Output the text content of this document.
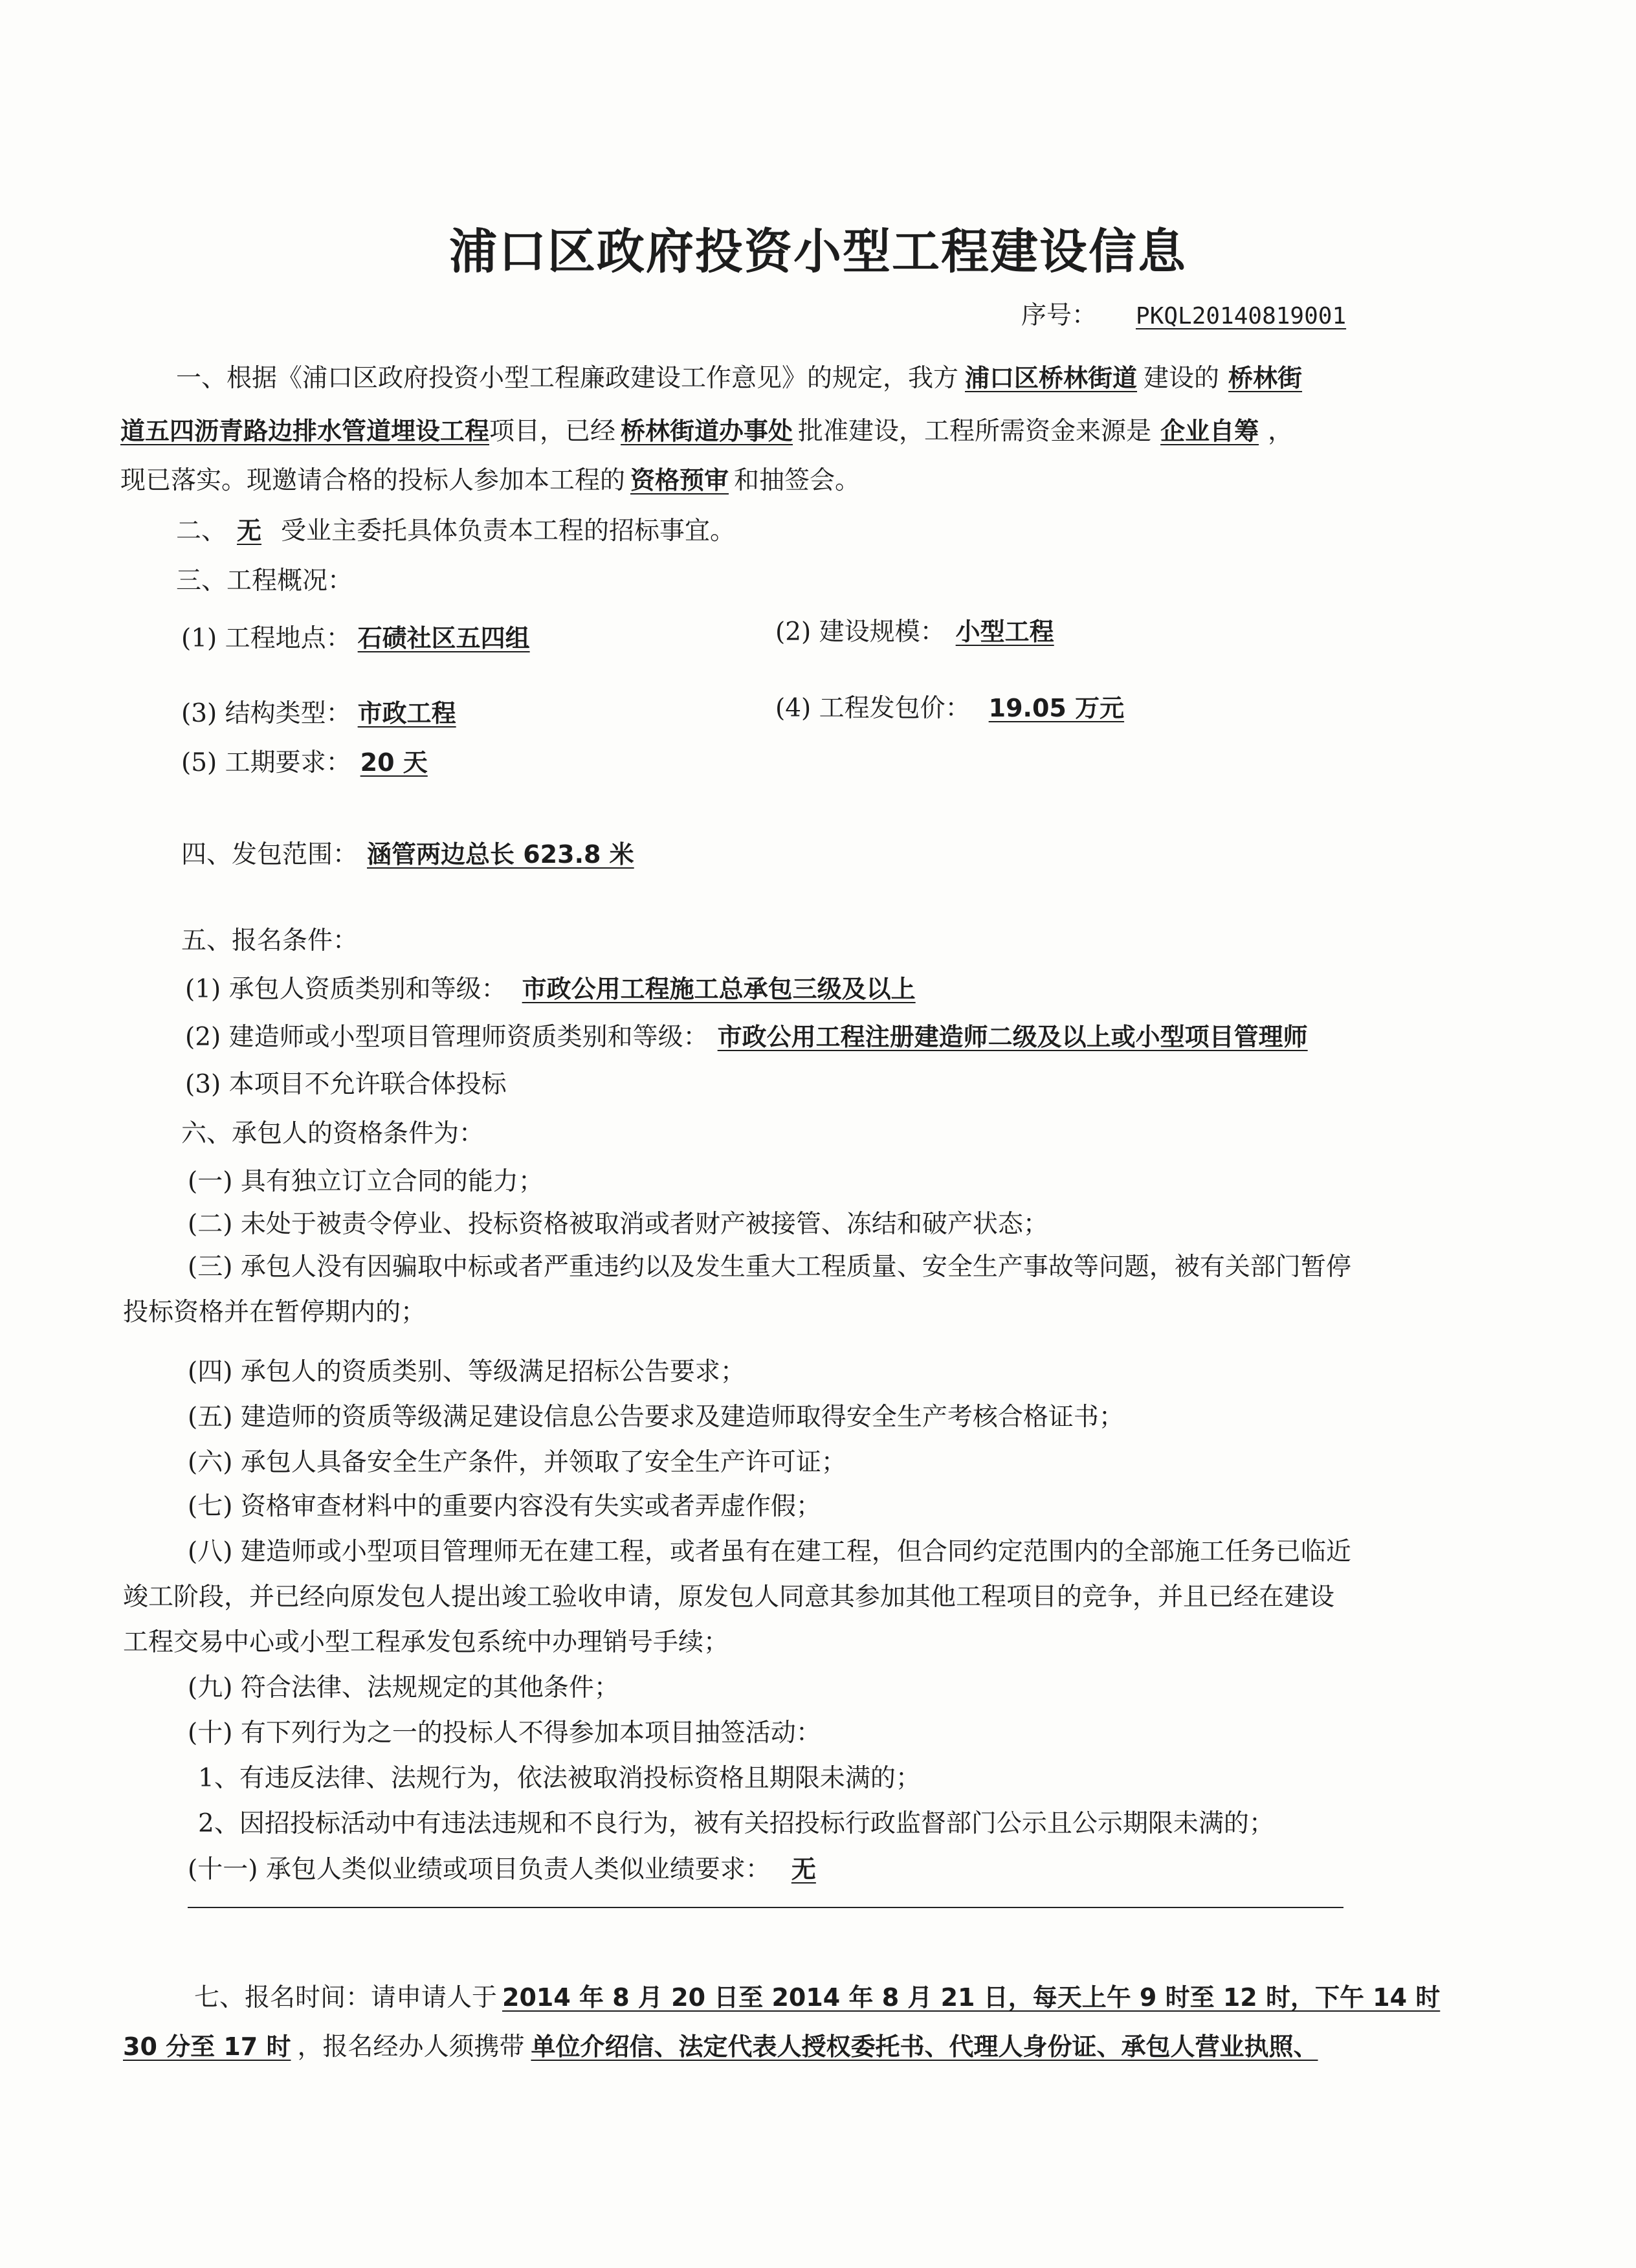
浦口区政府投资小型工程建设信息
序号： PKQL20140819001
一、根据《浦口区政府投资小型工程廉政建设工作意见》的规定，我方 浦口区桥林街道 建设的 桥林街
道五四沥青路边排水管道埋设工程项目，已经 桥林街道办事处 批准建设，工程所需资金来源是 企业自筹 ，
现已落实。现邀请合格的投标人参加本工程的 资格预审 和抽签会。
二、 无 受业主委托具体负责本工程的招标事宜。
三、工程概况：
(1) 工程地点： 石碛社区五四组	(2) 建设规模： 小型工程
(3) 结构类型： 市政工程	(4) 工程发包价： 19.05 万元
(5) 工期要求： 20 天
四、发包范围： 涵管两边总长 623.8 米
五、报名条件：
(1) 承包人资质类别和等级： 市政公用工程施工总承包三级及以上
(2) 建造师或小型项目管理师资质类别和等级： 市政公用工程注册建造师二级及以上或小型项目管理师
(3) 本项目不允许联合体投标
六、承包人的资格条件为：
(一) 具有独立订立合同的能力；
(二) 未处于被责令停业、投标资格被取消或者财产被接管、冻结和破产状态；
(三) 承包人没有因骗取中标或者严重违约以及发生重大工程质量、安全生产事故等问题，被有关部门暂停
投标资格并在暂停期内的；
(四) 承包人的资质类别、等级满足招标公告要求；
(五) 建造师的资质等级满足建设信息公告要求及建造师取得安全生产考核合格证书；
(六) 承包人具备安全生产条件，并领取了安全生产许可证；
(七) 资格审查材料中的重要内容没有失实或者弄虚作假；
(八) 建造师或小型项目管理师无在建工程，或者虽有在建工程，但合同约定范围内的全部施工任务已临近
竣工阶段，并已经向原发包人提出竣工验收申请，原发包人同意其参加其他工程项目的竞争，并且已经在建设
工程交易中心或小型工程承发包系统中办理销号手续；
(九) 符合法律、法规规定的其他条件；
(十) 有下列行为之一的投标人不得参加本项目抽签活动：
1、有违反法律、法规行为，依法被取消投标资格且期限未满的；
2、因招投标活动中有违法违规和不良行为，被有关招投标行政监督部门公示且公示期限未满的；
(十一) 承包人类似业绩或项目负责人类似业绩要求： 无
七、报名时间：请申请人于 2014 年 8 月 20 日至 2014 年 8 月 21 日，每天上午 9 时至 12 时，下午 14 时
30 分至 17 时 ，报名经办人须携带 单位介绍信、法定代表人授权委托书、代理人身份证、承包人营业执照、
